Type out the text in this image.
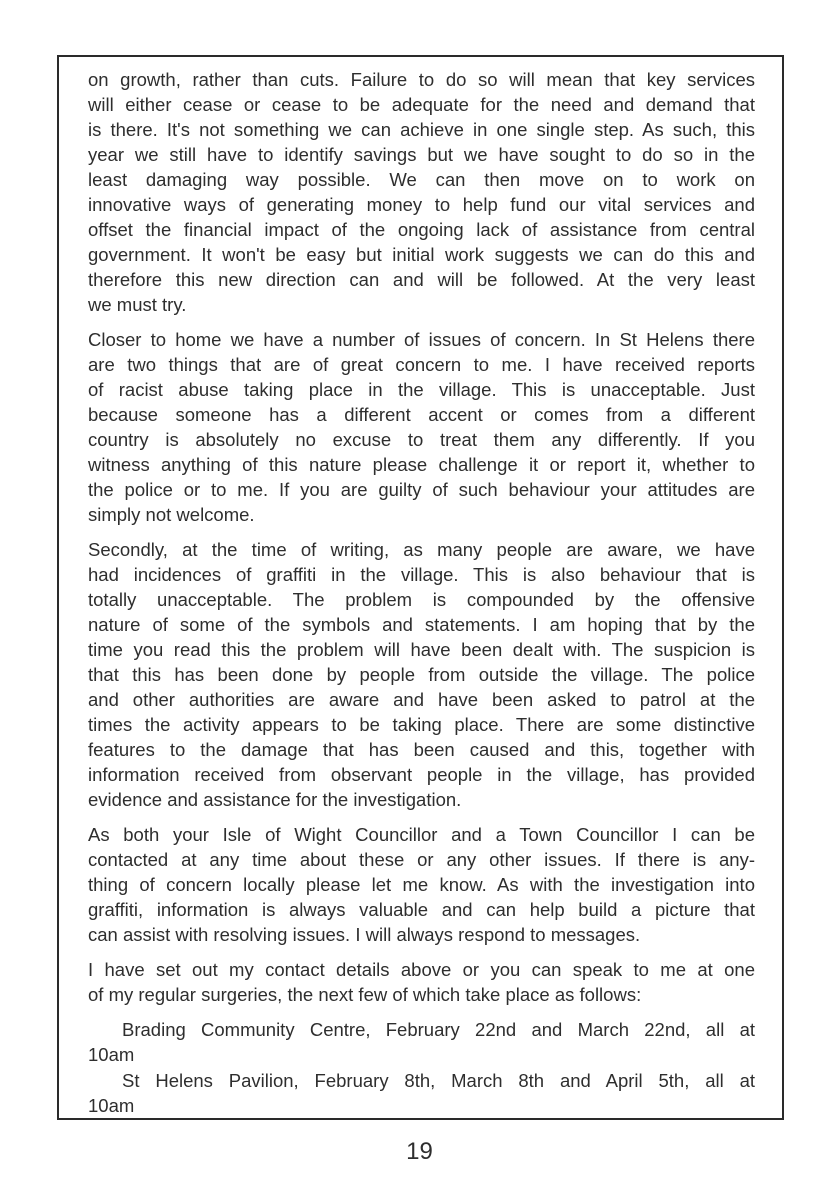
on growth, rather than cuts. Failure to do so will mean that key services
will either cease or cease to be adequate for the need and demand that
is there. It's not something we can achieve in one single step. As such, this
year we still have to identify savings but we have sought to do so in the
least damaging way possible. We can then move on to work on
innovative ways of generating money to help fund our vital services and
offset the financial impact of the ongoing lack of assistance from central
government. It won't be easy but initial work suggests we can do this and
therefore this new direction can and will be followed. At the very least
we must try.

Closer to home we have a number of issues of concern. In St Helens there
are two things that are of great concern to me. I have received reports
of racist abuse taking place in the village. This is unacceptable. Just
because someone has a different accent or comes from a different
country is absolutely no excuse to treat them any differently. If you
witness anything of this nature please challenge it or report it, whether to
the police or to me. If you are guilty of such behaviour your attitudes are
simply not welcome.

Secondly, at the time of writing, as many people are aware, we have
had incidences of graffiti in the village. This is also behaviour that is
totally unacceptable. The problem is compounded by the offensive
nature of some of the symbols and statements. I am hoping that by the
time you read this the problem will have been dealt with. The suspicion is
that this has been done by people from outside the village. The police
and other authorities are aware and have been asked to patrol at the
times the activity appears to be taking place. There are some distinctive
features to the damage that has been caused and this, together with
information received from observant people in the village, has provided
evidence and assistance for the investigation.

As both your Isle of Wight Councillor and a Town Councillor I can be
contacted at any time about these or any other issues. If there is any-
thing of concern locally please let me know. As with the investigation into
graffiti, information is always valuable and can help build a picture that
can assist with resolving issues. I will always respond to messages.

I have set out my contact details above or you can speak to me at one
of my regular surgeries, the next few of which take place as follows:

Brading Community Centre, February 22nd and March 22nd, all at
10am

St Helens Pavilion, February 8th, March 8th and April 5th, all at
10am

19
